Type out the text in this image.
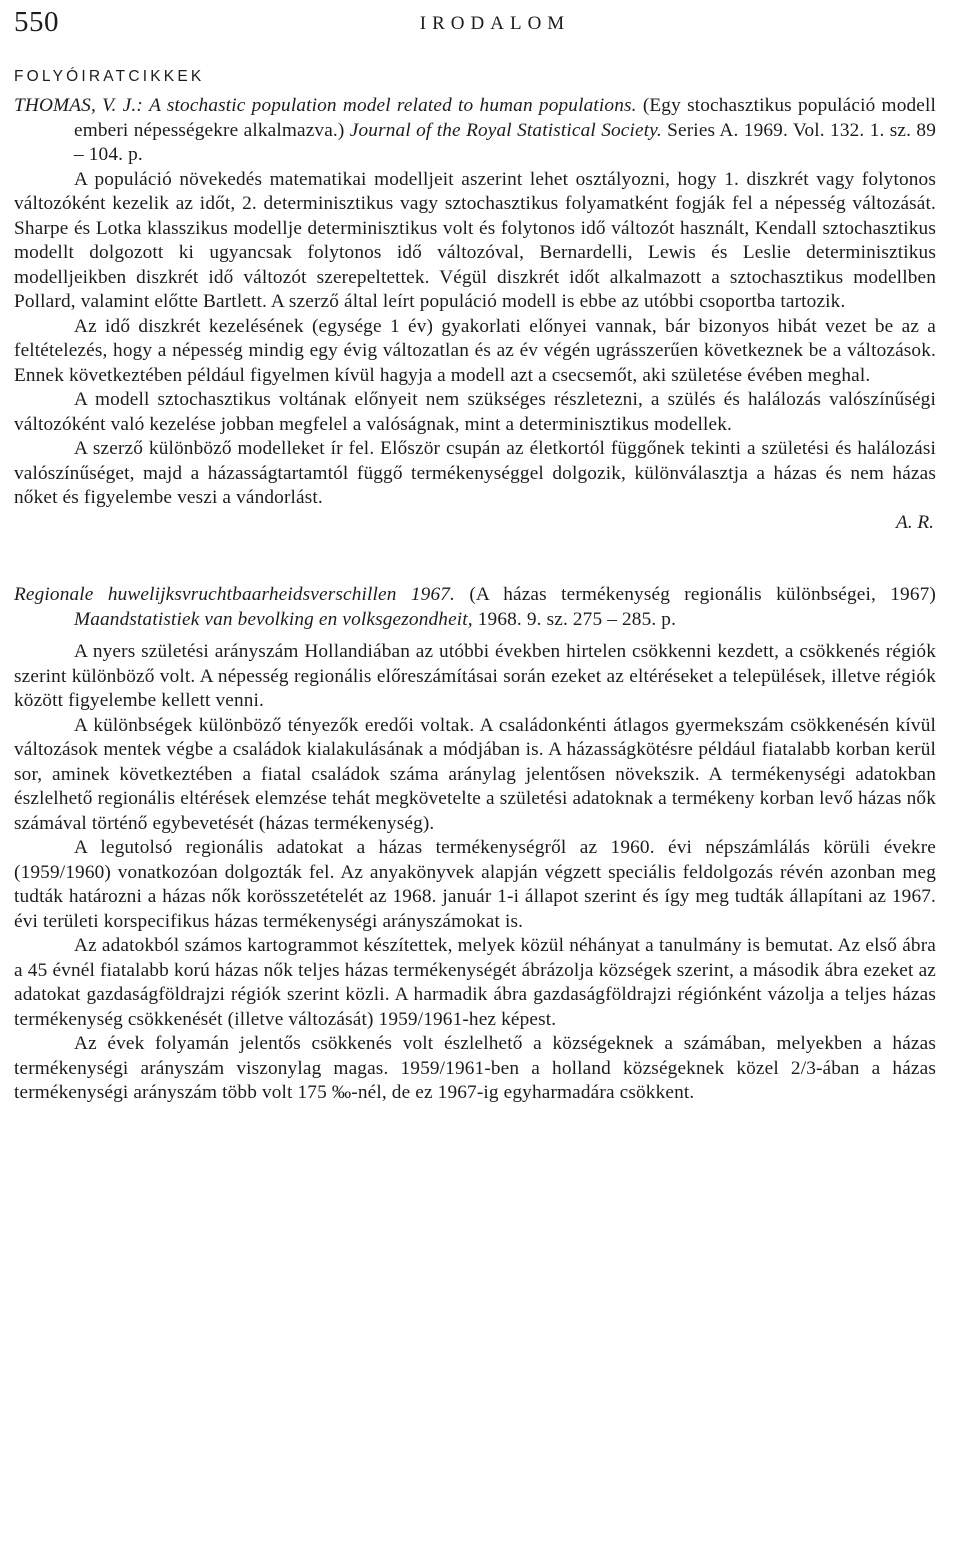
550	IRODALOM
FOLYÓIRATCIKKEK

THOMAS, V. J.: A stochastic population model related to human populations. (Egy stochasztikus populáció modell emberi népességekre alkalmazva.) Journal of the Royal Statistical Society. Series A. 1969. Vol. 132. 1. sz. 89 – 104. p.

A populáció növekedés matematikai modelljeit aszerint lehet osztályozni, hogy 1. diszkrét vagy folytonos változóként kezelik az időt, 2. determinisztikus vagy sztochasztikus folyamatként fogják fel a népesség változását. Sharpe és Lotka klasszikus modellje determinisztikus volt és folytonos idő változót használt, Kendall sztochasztikus modellt dolgozott ki ugyancsak folytonos idő változóval, Bernardelli, Lewis és Leslie determinisztikus modelljeikben diszkrét idő változót szerepeltettek. Végül diszkrét időt alkalmazott a sztochasztikus modellben Pollard, valamint előtte Bartlett. A szerző által leírt populáció modell is ebbe az utóbbi csoportba tartozik.

Az idő diszkrét kezelésének (egysége 1 év) gyakorlati előnyei vannak, bár bizonyos hibát vezet be az a feltételezés, hogy a népesség mindig egy évig változatlan és az év végén ugrásszerűen következnek be a változások. Ennek következtében például figyelmen kívül hagyja a modell azt a csecsemőt, aki születése évében meghal.

A modell sztochasztikus voltának előnyeit nem szükséges részletezni, a szülés és halálozás valószínűségi változóként való kezelése jobban megfelel a valóságnak, mint a determinisztikus modellek.

A szerző különböző modelleket ír fel. Először csupán az életkortól függőnek tekinti a születési és halálozási valószínűséget, majd a házasságtartamtól függő termékenységgel dolgozik, különválasztja a házas és nem házas nőket és figyelembe veszi a vándorlást.

A. R.

Regionale huwelijksvruchtbaarheidsverschillen 1967. (A házas termékenység regionális különbségei, 1967) Maandstatistiek van bevolking en volksgezondheit, 1968. 9. sz. 275 – 285. p.

A nyers születési arányszám Hollandiában az utóbbi években hirtelen csökkenni kezdett, a csökkenés régiók szerint különböző volt. A népesség regionális előreszámításai során ezeket az eltéréseket a települések, illetve régiók között figyelembe kellett venni.

A különbségek különböző tényezők eredői voltak. A családonkénti átlagos gyermekszám csökkenésén kívül változások mentek végbe a családok kialakulásának a módjában is. A házasságkötésre például fiatalabb korban kerül sor, aminek következtében a fiatal családok száma aránylag jelentősen növekszik. A termékenységi adatokban észlelhető regionális eltérések elemzése tehát megkövetelte a születési adatoknak a termékeny korban levő házas nők számával történő egybevetését (házas termékenység).

A legutolsó regionális adatokat a házas termékenységről az 1960. évi népszámlálás körüli évekre (1959/1960) vonatkozóan dolgozták fel. Az anyakönyvek alapján végzett speciális feldolgozás révén azonban meg tudták határozni a házas nők korösszetételét az 1968. január 1-i állapot szerint és így meg tudták állapítani az 1967. évi területi korspecifikus házas termékenységi arányszámokat is.

Az adatokból számos kartogrammot készítettek, melyek közül néhányat a tanulmány is bemutat. Az első ábra a 45 évnél fiatalabb korú házas nők teljes házas termékenységét ábrázolja községek szerint, a második ábra ezeket az adatokat gazdaságföldrajzi régiók szerint közli. A harmadik ábra gazdaságföldrajzi régiónként vázolja a teljes házas termékenység csökkenését (illetve változását) 1959/1961-hez képest.

Az évek folyamán jelentős csökkenés volt észlelhető a községeknek a számában, melyekben a házas termékenységi arányszám viszonylag magas. 1959/1961-ben a holland községeknek közel 2/3-ában a házas termékenységi arányszám több volt 175 ‰-nél, de ez 1967-ig egyharmadára csökkent.
